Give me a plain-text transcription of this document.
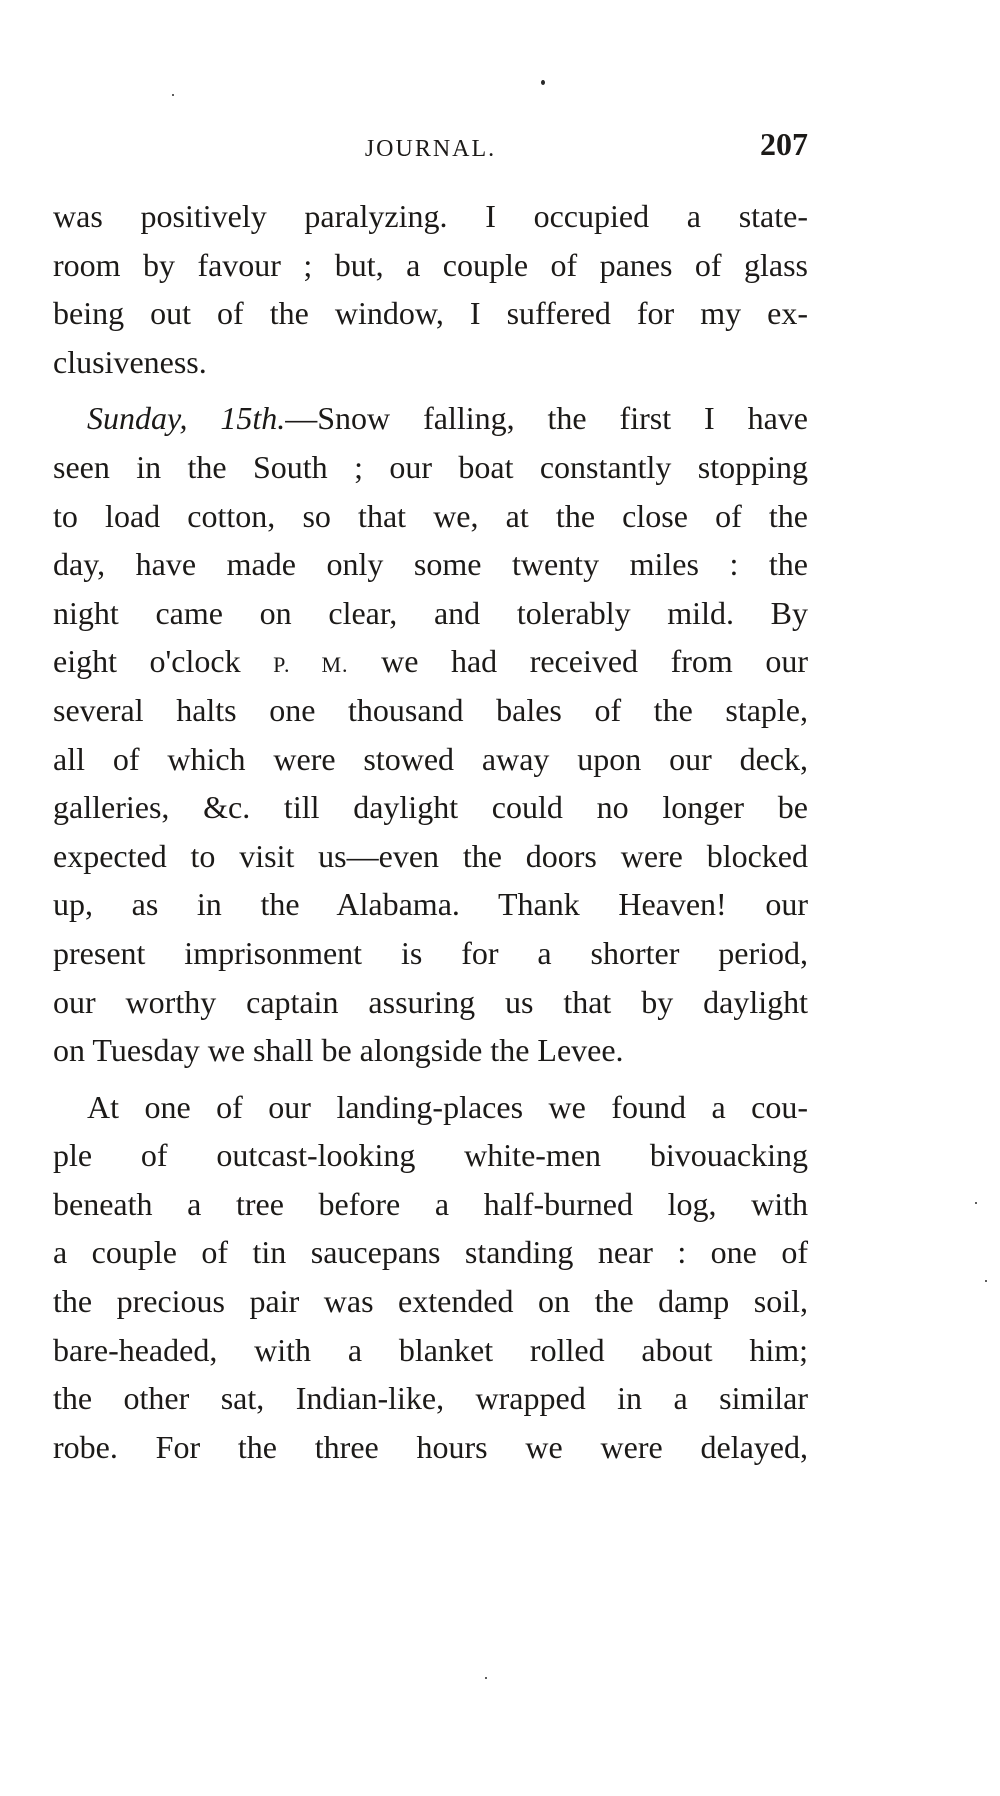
JOURNAL.	207
was positively paralyzing. I occupied a state-
room by favour ; but, a couple of panes of glass
being out of the window, I suffered for my ex-
clusiveness.
Sunday, 15th.—Snow falling, the first I have
seen in the South ; our boat constantly stopping
to load cotton, so that we, at the close of the
day, have made only some twenty miles : the
night came on clear, and tolerably mild. By
eight o'clock P. M. we had received from our
several halts one thousand bales of the staple,
all of which were stowed away upon our deck,
galleries, &c. till daylight could no longer be
expected to visit us—even the doors were blocked
up, as in the Alabama. Thank Heaven! our
present imprisonment is for a shorter period,
our worthy captain assuring us that by daylight
on Tuesday we shall be alongside the Levee.
At one of our landing-places we found a cou-
ple of outcast-looking white-men bivouacking
beneath a tree before a half-burned log, with
a couple of tin saucepans standing near : one of
the precious pair was extended on the damp soil,
bare-headed, with a blanket rolled about him;
the other sat, Indian-like, wrapped in a similar
robe. For the three hours we were delayed,
